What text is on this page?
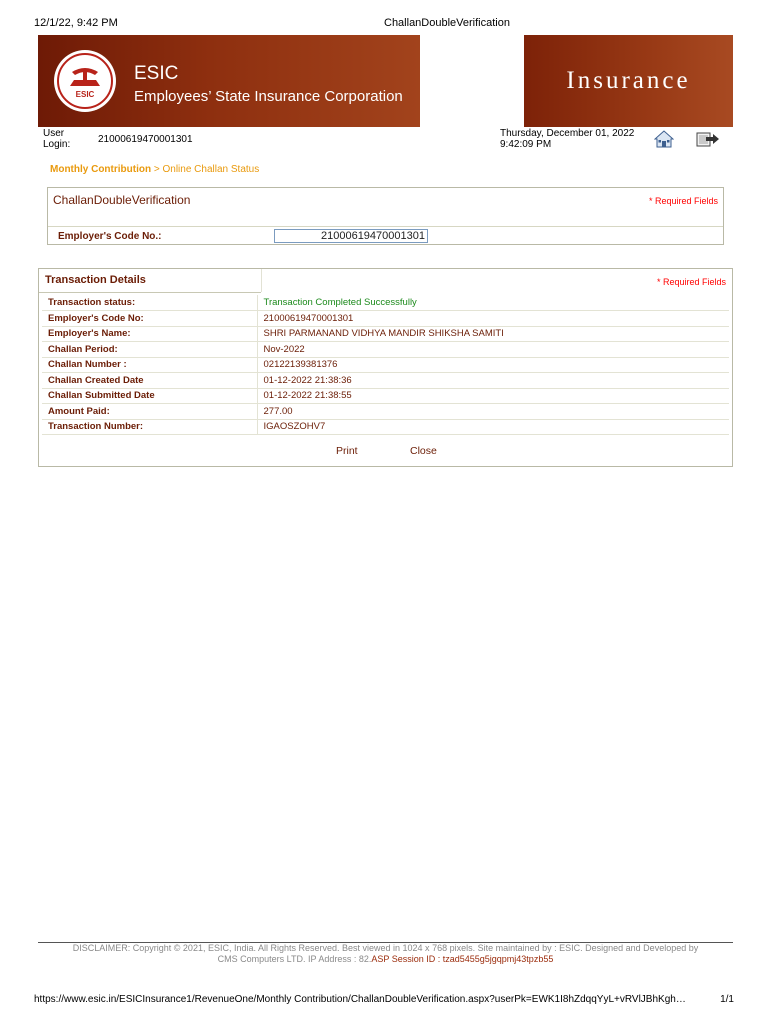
12/1/22, 9:42 PM	ChallanDoubleVerification
ESIC
ESIC
Employees’ State Insurance Corporation
Insurance
User Login:	21000619470001301
Thursday, December 01, 2022
9:42:09 PM
Monthly Contribution > Online Challan Status
ChallanDoubleVerification	* Required Fields
Employer's Code No.:
21000619470001301
Transaction Details	* Required Fields
Transaction status:	Transaction Completed Successfully
Employer's Code No:	21000619470001301
Employer's Name:	SHRI PARMANAND VIDHYA MANDIR SHIKSHA SAMITI
Challan Period:	Nov-2022
Challan Number :	02122139381376
Challan Created Date	01-12-2022 21:38:36
Challan Submitted Date	01-12-2022 21:38:55
Amount Paid:	277.00
Transaction Number:	IGAOSZOHV7
Print	Close
DISCLAIMER: Copyright © 2021, ESIC, India. All Rights Reserved. Best viewed in 1024 x 768 pixels. Site maintained by : ESIC. Designed and Developed by
CMS Computers LTD. IP Address : 82.ASP Session ID : tzad5455g5jgqpmj43tpzb55
https://www.esic.in/ESICInsurance1/RevenueOne/Monthly Contribution/ChallanDoubleVerification.aspx?userPk=EWK1I8hZdqqYyL+vRVlJBhKgh…	1/1
